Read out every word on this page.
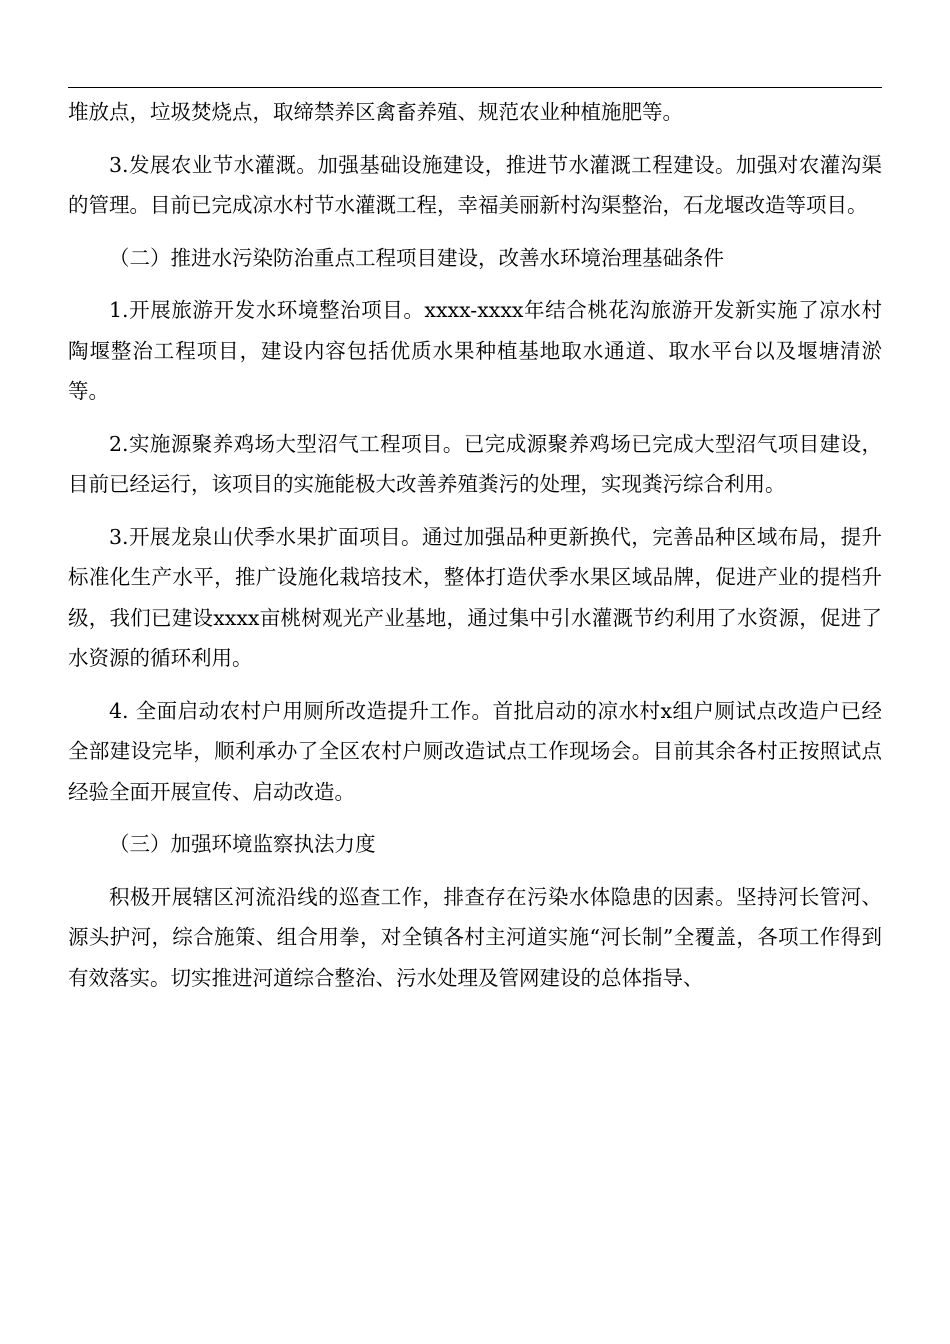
堆放点，垃圾焚烧点，取缔禁养区禽畜养殖、规范农业种植施肥等。

3.发展农业节水灌溉。加强基础设施建设，推进节水灌溉工程建设。加强对农灌沟渠的管理。目前已完成凉水村节水灌溉工程，幸福美丽新村沟渠整治，石龙堰改造等项目。

（二）推进水污染防治重点工程项目建设，改善水环境治理基础条件

1.开展旅游开发水环境整治项目。xxxx-xxxx年结合桃花沟旅游开发新实施了凉水村陶堰整治工程项目，建设内容包括优质水果种植基地取水通道、取水平台以及堰塘清淤等。

2.实施源聚养鸡场大型沼气工程项目。已完成源聚养鸡场已完成大型沼气项目建设，目前已经运行，该项目的实施能极大改善养殖粪污的处理，实现粪污综合利用。

3.开展龙泉山伏季水果扩面项目。通过加强品种更新换代，完善品种区域布局，提升标准化生产水平，推广设施化栽培技术，整体打造伏季水果区域品牌，促进产业的提档升级，我们已建设xxxx亩桃树观光产业基地，通过集中引水灌溉节约利用了水资源，促进了水资源的循环利用。

4. 全面启动农村户用厕所改造提升工作。首批启动的凉水村x组户厕试点改造户已经全部建设完毕，顺利承办了全区农村户厕改造试点工作现场会。目前其余各村正按照试点经验全面开展宣传、启动改造。

（三）加强环境监察执法力度

积极开展辖区河流沿线的巡查工作，排查存在污染水体隐患的因素。坚持河长管河、源头护河，综合施策、组合用拳，对全镇各村主河道实施“河长制”全覆盖，各项工作得到有效落实。切实推进河道综合整治、污水处理及管网建设的总体指导、
